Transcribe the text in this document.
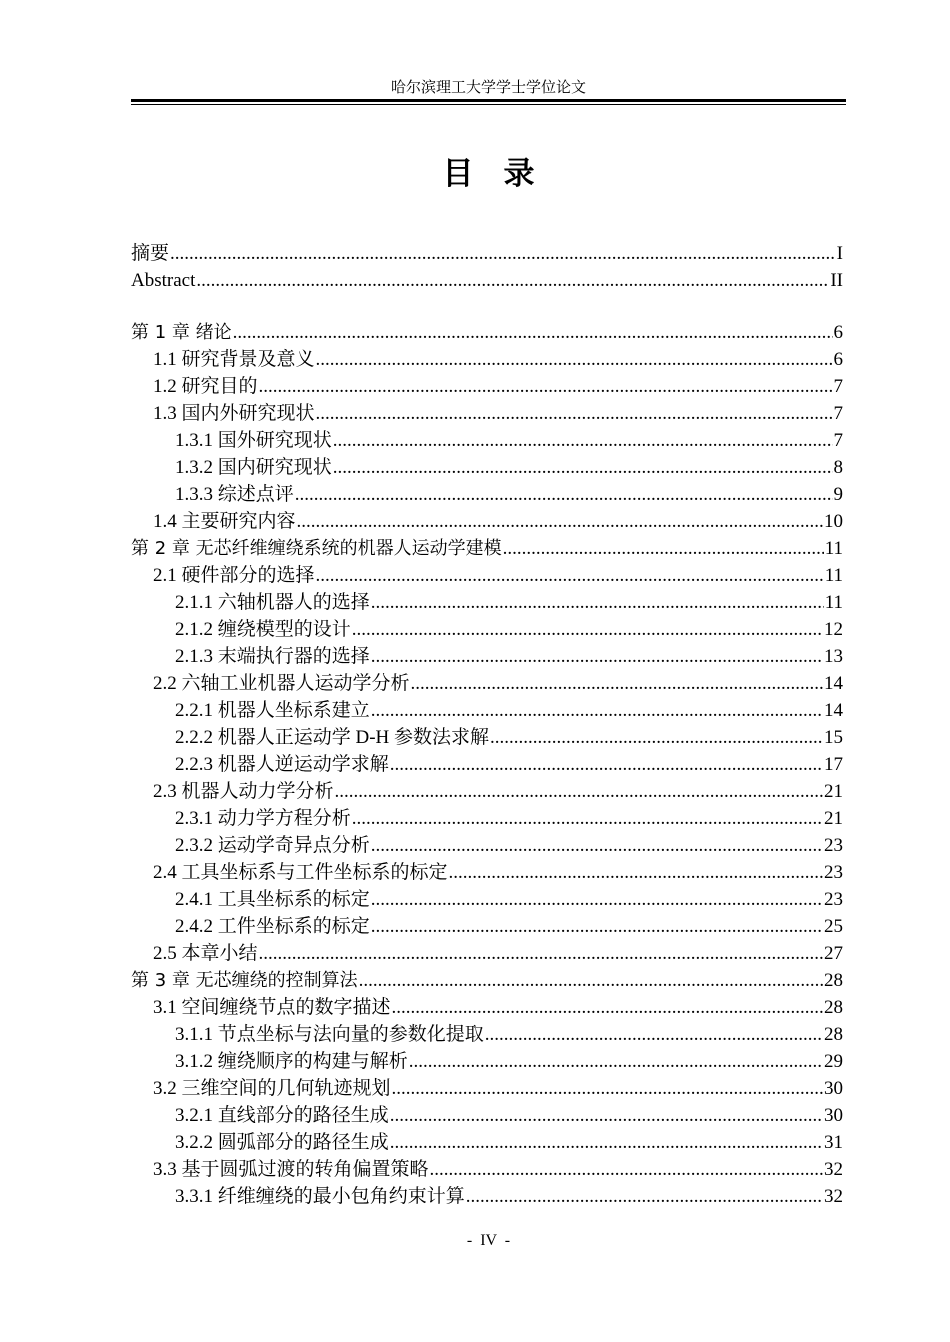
哈尔滨理工大学学士学位论文
目录
摘要 .....	I
Abstract .....	II
第 1 章 绪论 .....	6
1.1 研究背景及意义 .....	6
1.2 研究目的 .....	7
1.3 国内外研究现状 .....	7
1.3.1 国外研究现状 .....	7
1.3.2 国内研究现状 .....	8
1.3.3 综述点评 .....	9
1.4 主要研究内容 .....	10
第 2 章 无芯纤维缠绕系统的机器人运动学建模 .....	11
2.1 硬件部分的选择 .....	11
2.1.1 六轴机器人的选择 .....	11
2.1.2 缠绕模型的设计 .....	12
2.1.3 末端执行器的选择 .....	13
2.2 六轴工业机器人运动学分析 .....	14
2.2.1 机器人坐标系建立 .....	14
2.2.2 机器人正运动学 D-H 参数法求解 .....	15
2.2.3 机器人逆运动学求解 .....	17
2.3 机器人动力学分析 .....	21
2.3.1 动力学方程分析 .....	21
2.3.2 运动学奇异点分析 .....	23
2.4 工具坐标系与工件坐标系的标定 .....	23
2.4.1 工具坐标系的标定 .....	23
2.4.2 工件坐标系的标定 .....	25
2.5 本章小结 .....	27
第 3 章 无芯缠绕的控制算法 .....	28
3.1 空间缠绕节点的数字描述 .....	28
3.1.1 节点坐标与法向量的参数化提取 .....	28
3.1.2 缠绕顺序的构建与解析 .....	29
3.2 三维空间的几何轨迹规划 .....	30
3.2.1 直线部分的路径生成 .....	30
3.2.2 圆弧部分的路径生成 .....	31
3.3 基于圆弧过渡的转角偏置策略 .....	32
3.3.1 纤维缠绕的最小包角约束计算 .....	32
- IV -
